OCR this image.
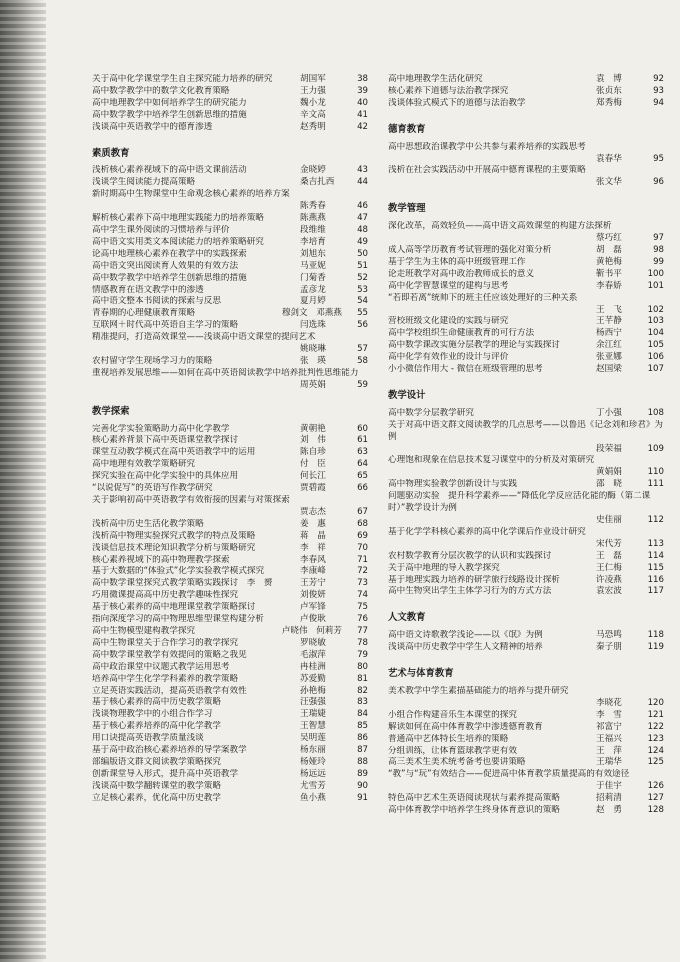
关于高中化学课堂学生自主探究能力培养的研究	胡国军	38
高中数学教学中的数学文化教育策略	王力强	39
高中地理教学中如何培养学生的研究能力	魏小龙	40
高中数学教学中培养学生创新思维的措施	辛文高	41
浅谈高中英语教学中的德育渗透	赵秀明	42
素质教育
浅析核心素养视域下的高中语文课前活动	金晓婷	43
浅谈学生阅读能力提高策略	桑吉扎西	44
新时期高中生物课堂中生命观念核心素养的培养方案
陈秀春	46
解析核心素养下高中地理实践能力的培养策略	陈燕燕	47
高中学生课外阅读的习惯培养与评价	段维维	48
高中语文实用类文本阅读能力的培养策略研究	李培育	49
论高中地理核心素养在教学中的实践探索	刘旭东	50
高中语文突出阅读育人效果的有效方法	马亚妮	51
高中数学教学中培养学生创新思维的措施	门菊香	52
情感教育在语文教学中的渗透	孟彦龙	53
高中语文整本书阅读的探索与反思	夏月婷	54
青春期的心理健康教育策略	穆剑文　邓燕燕	55
互联网＋时代高中英语自主学习的策略	闫选珠	56
精准提问，打造高效课堂——浅谈高中语文课堂的提问艺术
姚晓琳	57
农村留守学生现场学习力的策略	张　瑛	58
重视培养发展思维——如何在高中英语阅读教学中培养批判性思维能力
周英娟	59
教学探索
完善化学实验策略助力高中化学教学	黄朝艳	60
核心素养背景下高中英语课堂教学探讨	刘　伟	61
课堂互动教学模式在高中英语教学中的运用	陈自珍	63
高中地理有效教学策略研究	付　臣	64
探究实验在高中化学实验中的具体应用	何长江	65
“以说促写”的英语写作教学研究	贾碧霞	66
关于影响初高中英语教学有效衔接的因素与对策探索
贾志杰	67
浅析高中历史生活化教学策略	姜　惠	68
浅析高中物理实验探究式教学的特点及策略	蒋　晶	69
浅谈信息技术理论知识教学分析与策略研究	李　祥	70
核心素养视域下的高中物理教学探索	李春风	71
基于大数据的“体验式”化学实验教学模式探究	李康峰	72
高中数学课堂探究式教学策略实践探讨　李　赟	王芳宁	73
巧用微课提高高中历史教学趣味性探究	刘俊妍	74
基于核心素养的高中地理课堂教学策略探讨	卢军锋	75
指向深度学习的高中物理思维型课堂构建分析	卢俊耿	76
高中生物模型建构教学探究	卢晓伟　何莉芳	77
高中生物课堂关于合作学习的教学探究	罗晓敏	78
高中数学课堂教学有效提问的策略之我见	毛淑萍	79
高中政治课堂中议题式教学运用思考	冉桂洲	80
培养高中学生化学学科素养的教学策略	苏爱勤	81
立足英语实践活动，提高英语教学有效性	孙艳梅	82
基于核心素养的高中历史教学策略	汪强强	83
浅谈物理教学中的小组合作学习	王瑞婕	84
基于核心素养培养的高中化学教学	王智慧	85
用口诀提高英语教学质量浅谈	吴明莲	86
基于高中政治核心素养培养的导学案教学	杨东丽	87
部编版语文群文阅读教学策略探究	杨娅玲	88
创新课堂导入形式，提升高中英语教学	杨远远	89
浅谈高中数学翻转课堂的教学策略	尤雪芳	90
立足核心素养，优化高中历史教学	鱼小燕	91
高中地理教学生活化研究	袁　博	92
核心素养下道德与法治教学探究	张贞东	93
浅谈体验式模式下的道德与法治教学	郑秀梅	94
德育教育
高中思想政治课教学中公共参与素养培养的实践思考
袁春华	95
浅析在社会实践活动中开展高中德育课程的主要策略
张文华	96
教学管理
深化改革，高效轻负——高中语文高效课堂的构建方法探析
蔡巧红	97
成人高等学历教育考试管理的强化对策分析	胡　磊	98
基于学生为主体的高中班级管理工作	黄艳梅	99
论走班教学对高中政治教师成长的意义	靳书平	100
高中化学智慧课堂的建构与思考	李春娇	101
“若即若离”统帅下的班主任应该处理好的三种关系
王　飞	102
营校班级文化建设的实践与研究	王芊静	103
高中学校组织生命健康教育的可行方法	杨西宁	104
高中数学课改实施分层教学的理论与实践探讨	余江红	105
高中化学有效作业的设计与评价	张亚娜	106
小小微信作用大 - 微信在班级管理的思考	赵国梁	107
教学设计
高中数学分层教学研究	丁小强	108
关于对高中语文群文阅读教学的几点思考——以鲁迅《记念刘和珍君》为例
段荣福	109
心理饱和现象在信息技术复习课堂中的分析及对策研究
黄娟娟	110
高中物理实验教学创新设计与实践	邵　晓	111
问题驱动实验　提升科学素养——“降低化学反应活化能的酶（第二课时）”教学设计为例
史佳丽	112
基于化学学科核心素养的高中化学课后作业设计研究
宋代芳	113
农村数学教育分层次教学的认识和实践探讨	王　磊	114
关于高中地理的导入教学探究	王仁梅	115
基于地理实践力培养的研学旅行线路设计探析	许凌燕	116
高中生物突出学生主体学习行为的方式方法	袁宏波	117
人文教育
高中语文诗歌教学浅论——以《氓》为例	马恐鸣	118
浅谈高中历史教学中学生人文精神的培养	秦子朋	119
艺术与体育教育
美术教学中学生素描基础能力的培养与提升研究
李晓花	120
小组合作构建音乐生本课堂的探究	李　雪	121
解读如何在高中体育教学中渗透德育教育	祁富宁	122
普通高中艺体特长生培养的策略	王福兴	123
分组训练，让体育篮球教学更有效	王　萍	124
高三美术生美术统考备考也要讲策略	王瑞华	125
“教”与“玩”有效结合——促进高中体育教学质量提高的有效途径
于佳宇	126
特色高中艺术生英语阅读现状与素养提高策略	招莉清	127
高中体育教学中培养学生终身体育意识的策略	赵　勇	128
